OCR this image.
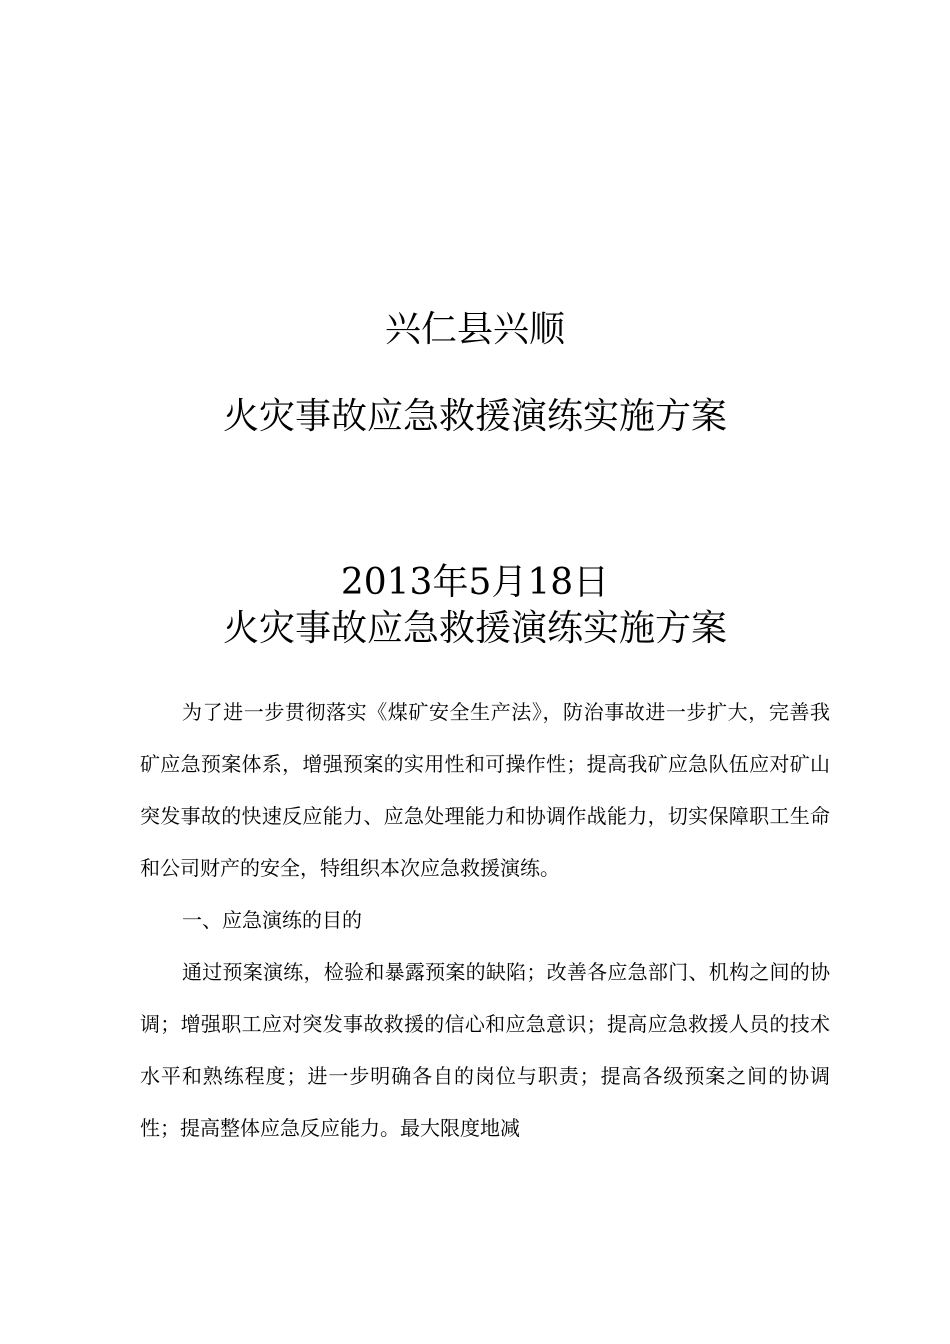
兴仁县兴顺
火灾事故应急救援演练实施方案
2013年5月18日
火灾事故应急救援演练实施方案

为了进一步贯彻落实《煤矿安全生产法》，防治事故进一步扩大，完善我矿应急预案体系，增强预案的实用性和可操作性；提高我矿应急队伍应对矿山突发事故的快速反应能力、应急处理能力和协调作战能力，切实保障职工生命和公司财产的安全，特组织本次应急救援演练。

一、应急演练的目的

通过预案演练，检验和暴露预案的缺陷；改善各应急部门、机构之间的协调；增强职工应对突发事故救援的信心和应急意识；提高应急救援人员的技术水平和熟练程度；进一步明确各自的岗位与职责；提高各级预案之间的协调性；提高整体应急反应能力。最大限度地减
